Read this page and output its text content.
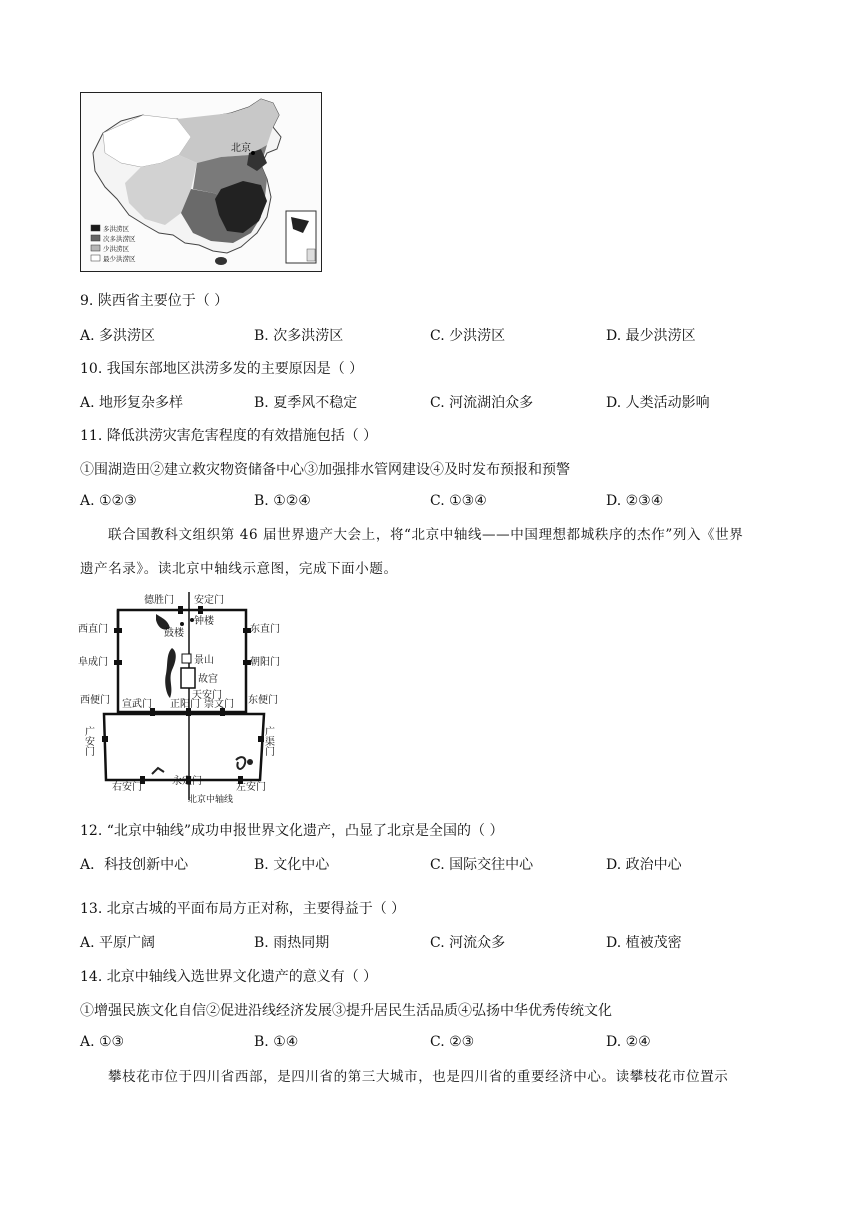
北京
多洪涝区
次多洪涝区
少洪涝区
最少洪涝区
9. 陕西省主要位于（ ）
A. 多洪涝区	B. 次多洪涝区	C. 少洪涝区	D. 最少洪涝区
10. 我国东部地区洪涝多发的主要原因是（ ）
A. 地形复杂多样	B. 夏季风不稳定	C. 河流湖泊众多	D. 人类活动影响
11. 降低洪涝灾害危害程度的有效措施包括（ ）
①围湖造田②建立救灾物资储备中心③加强排水管网建设④及时发布预报和预警
A. ①②③	B. ①②④	C. ①③④	D. ②③④
联合国教科文组织第 46 届世界遗产大会上，将“北京中轴线——中国理想都城秩序的杰作”列入《世界
遗产名录》。读北京中轴线示意图，完成下面小题。
德胜门 安定门
西直门	东直门
阜成门	朝阳门
西便门	东便门
宣武门 正阳门 崇文门
右安门
永定门
左安门
广安门	广渠门
鼓楼
钟楼
景山
故宫
天安门
北京中轴线
12. “北京中轴线”成功申报世界文化遗产，凸显了北京是全国的（ ）
A．科技创新中心	B. 文化中心	C. 国际交往中心	D. 政治中心
13. 北京古城的平面布局方正对称，主要得益于（ ）
A. 平原广阔	B. 雨热同期	C. 河流众多	D. 植被茂密
14. 北京中轴线入选世界文化遗产的意义有（ ）
①增强民族文化自信②促进沿线经济发展③提升居民生活品质④弘扬中华优秀传统文化
A. ①③	B. ①④	C. ②③	D. ②④
攀枝花市位于四川省西部，是四川省的第三大城市，也是四川省的重要经济中心。读攀枝花市位置示
